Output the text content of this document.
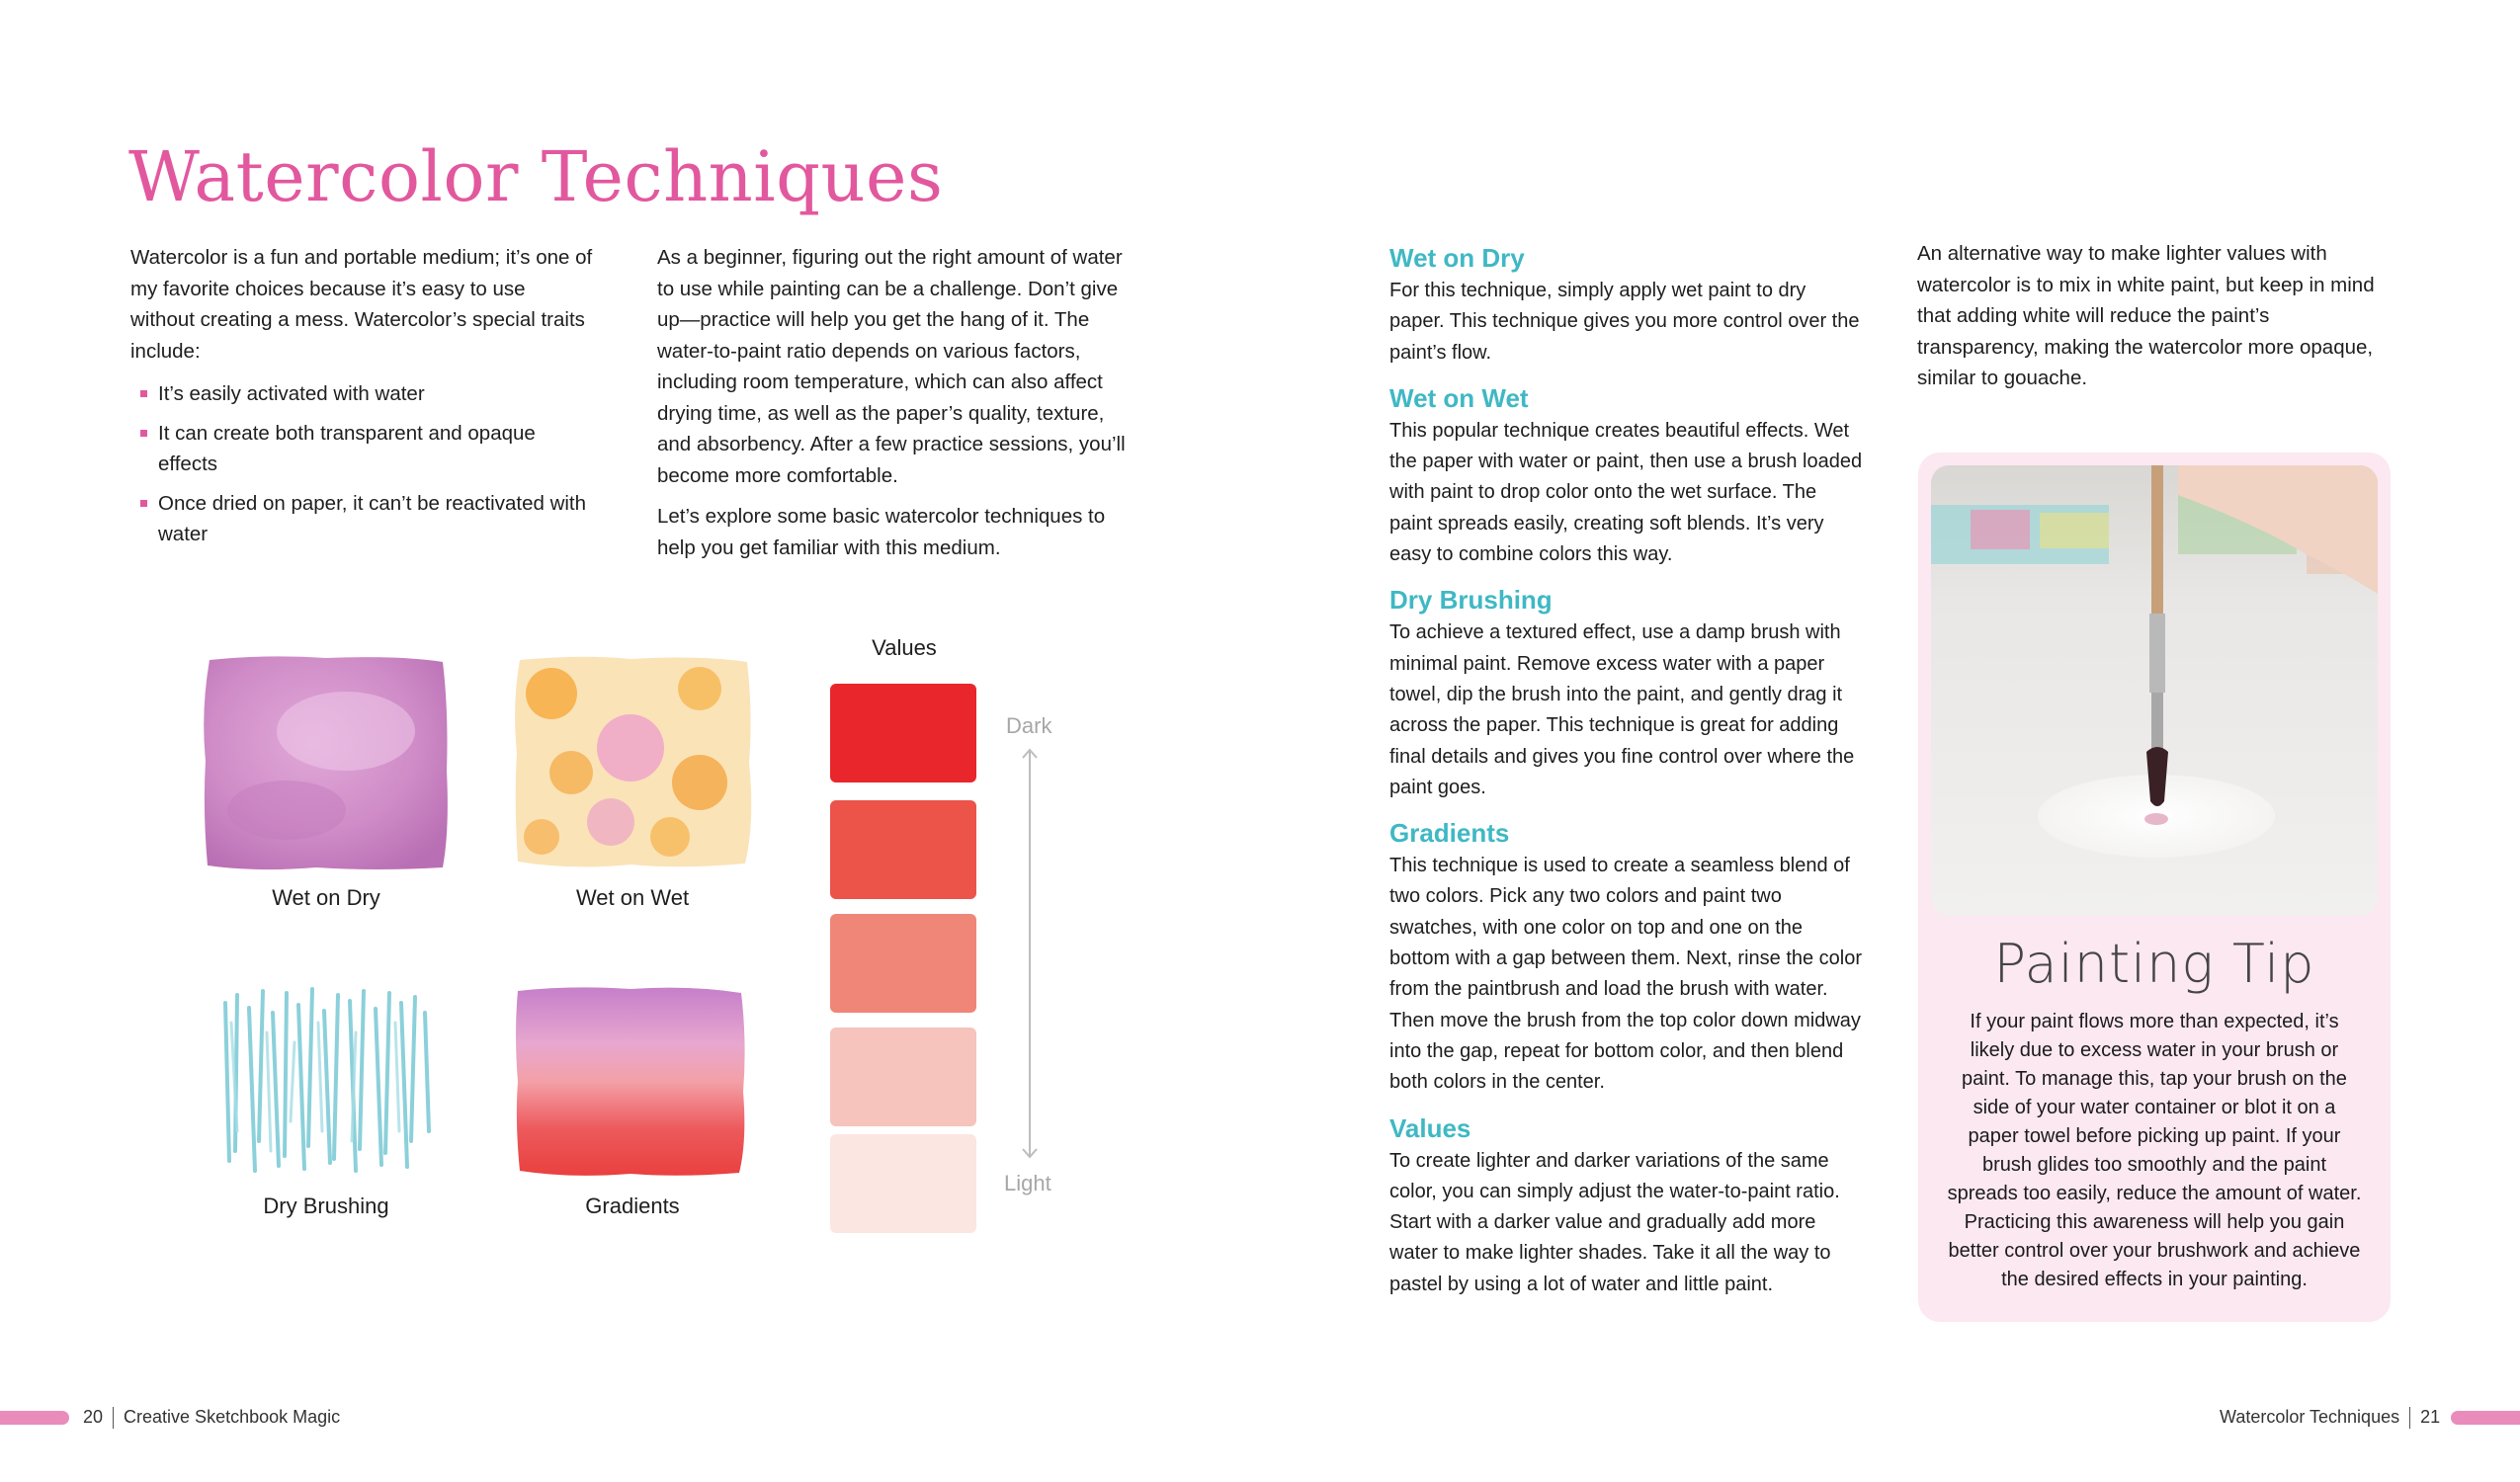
Watercolor Techniques

Watercolor is a fun and portable medium; it’s one of my favorite choices because it’s easy to use without creating a mess. Watercolor’s special traits include:

It’s easily activated with water
It can create both transparent and opaque effects
Once dried on paper, it can’t be reactivated with water

As a beginner, figuring out the right amount of water to use while painting can be a challenge. Don’t give up—practice will help you get the hang of it. The water-to-paint ratio depends on various factors, including room temperature, which can also affect drying time, as well as the paper’s quality, texture, and absorbency. After a few practice sessions, you’ll become more comfortable.

Let’s explore some basic watercolor techniques to help you get familiar with this medium.

Wet on Dry	Wet on Wet
Dry Brushing	Gradients
Values
Dark
Light
Wet on Dry
For this technique, simply apply wet paint to dry paper. This technique gives you more control over the paint’s flow.
Wet on Wet
This popular technique creates beautiful effects. Wet the paper with water or paint, then use a brush loaded with paint to drop color onto the wet surface. The paint spreads easily, creating soft blends. It’s very easy to combine colors this way.
Dry Brushing
To achieve a textured effect, use a damp brush with minimal paint. Remove excess water with a paper towel, dip the brush into the paint, and gently drag it across the paper. This technique is great for adding final details and gives you fine control over where the paint goes.
Gradients
This technique is used to create a seamless blend of two colors. Pick any two colors and paint two swatches, with one color on top and one on the bottom with a gap between them. Next, rinse the color from the paintbrush and load the brush with water. Then move the brush from the top color down midway into the gap, repeat for bottom color, and then blend both colors in the center.
Values
To create lighter and darker variations of the same color, you can simply adjust the water-to-paint ratio. Start with a darker value and gradually add more water to make lighter shades. Take it all the way to pastel by using a lot of water and little paint.

An alternative way to make lighter values with watercolor is to mix in white paint, but keep in mind that adding white will reduce the paint’s transparency, making the watercolor more opaque, similar to gouache.

Painting Tip
If your paint flows more than expected, it’s likely due to excess water in your brush or paint. To manage this, tap your brush on the side of your water container or blot it on a paper towel before picking up paint. If your brush glides too smoothly and the paint spreads too easily, reduce the amount of water. Practicing this awareness will help you gain better control over your brushwork and achieve the desired effects in your painting.
20 Creative Sketchbook Magic	Watercolor Techniques 21
